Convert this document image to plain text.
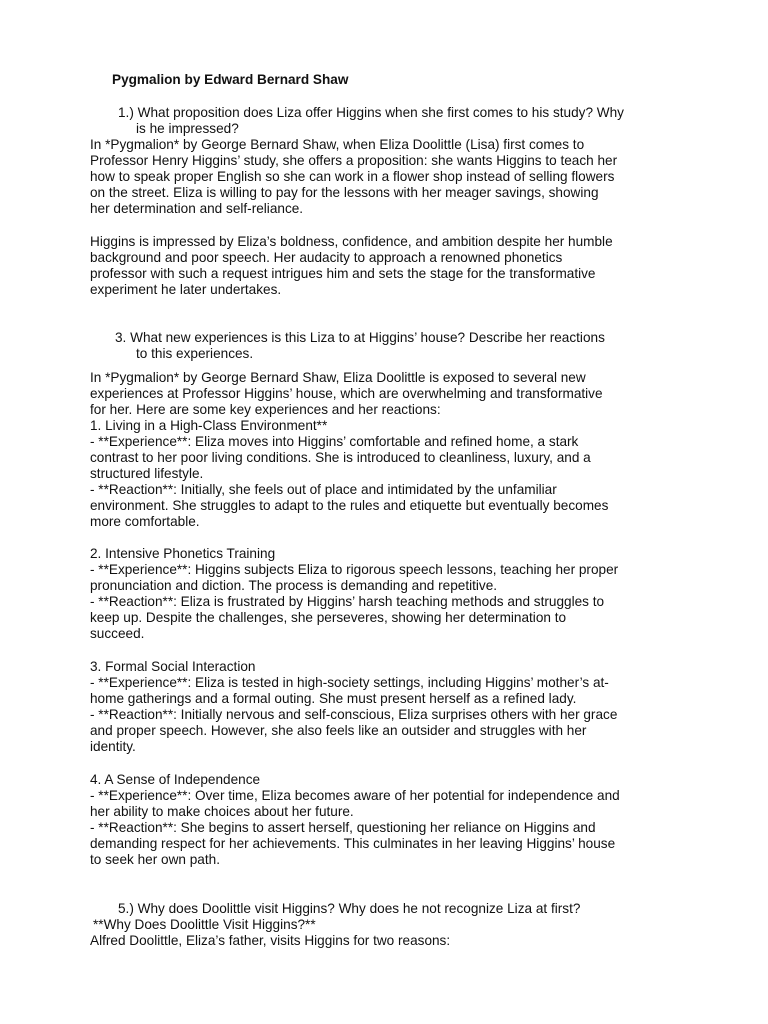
Pygmalion by Edward Bernard Shaw
1.) What proposition does Liza offer Higgins when she first comes to his study? Why
is he impressed?
In *Pygmalion* by George Bernard Shaw, when Eliza Doolittle (Lisa) first comes to
Professor Henry Higgins’ study, she offers a proposition: she wants Higgins to teach her
how to speak proper English so she can work in a flower shop instead of selling flowers
on the street. Eliza is willing to pay for the lessons with her meager savings, showing
her determination and self-reliance.
Higgins is impressed by Eliza’s boldness, confidence, and ambition despite her humble
background and poor speech. Her audacity to approach a renowned phonetics
professor with such a request intrigues him and sets the stage for the transformative
experiment he later undertakes.
3. What new experiences is this Liza to at Higgins’ house? Describe her reactions
to this experiences.
In *Pygmalion* by George Bernard Shaw, Eliza Doolittle is exposed to several new
experiences at Professor Higgins’ house, which are overwhelming and transformative
for her. Here are some key experiences and her reactions:
1. Living in a High-Class Environment**
- **Experience**: Eliza moves into Higgins’ comfortable and refined home, a stark
contrast to her poor living conditions. She is introduced to cleanliness, luxury, and a
structured lifestyle.
- **Reaction**: Initially, she feels out of place and intimidated by the unfamiliar
environment. She struggles to adapt to the rules and etiquette but eventually becomes
more comfortable.
2. Intensive Phonetics Training
- **Experience**: Higgins subjects Eliza to rigorous speech lessons, teaching her proper
pronunciation and diction. The process is demanding and repetitive.
- **Reaction**: Eliza is frustrated by Higgins’ harsh teaching methods and struggles to
keep up. Despite the challenges, she perseveres, showing her determination to
succeed.
3. Formal Social Interaction
- **Experience**: Eliza is tested in high-society settings, including Higgins’ mother’s at-
home gatherings and a formal outing. She must present herself as a refined lady.
- **Reaction**: Initially nervous and self-conscious, Eliza surprises others with her grace
and proper speech. However, she also feels like an outsider and struggles with her
identity.
4. A Sense of Independence
- **Experience**: Over time, Eliza becomes aware of her potential for independence and
her ability to make choices about her future.
- **Reaction**: She begins to assert herself, questioning her reliance on Higgins and
demanding respect for her achievements. This culminates in her leaving Higgins’ house
to seek her own path.
5.) Why does Doolittle visit Higgins? Why does he not recognize Liza at first?
**Why Does Doolittle Visit Higgins?**
Alfred Doolittle, Eliza’s father, visits Higgins for two reasons:
